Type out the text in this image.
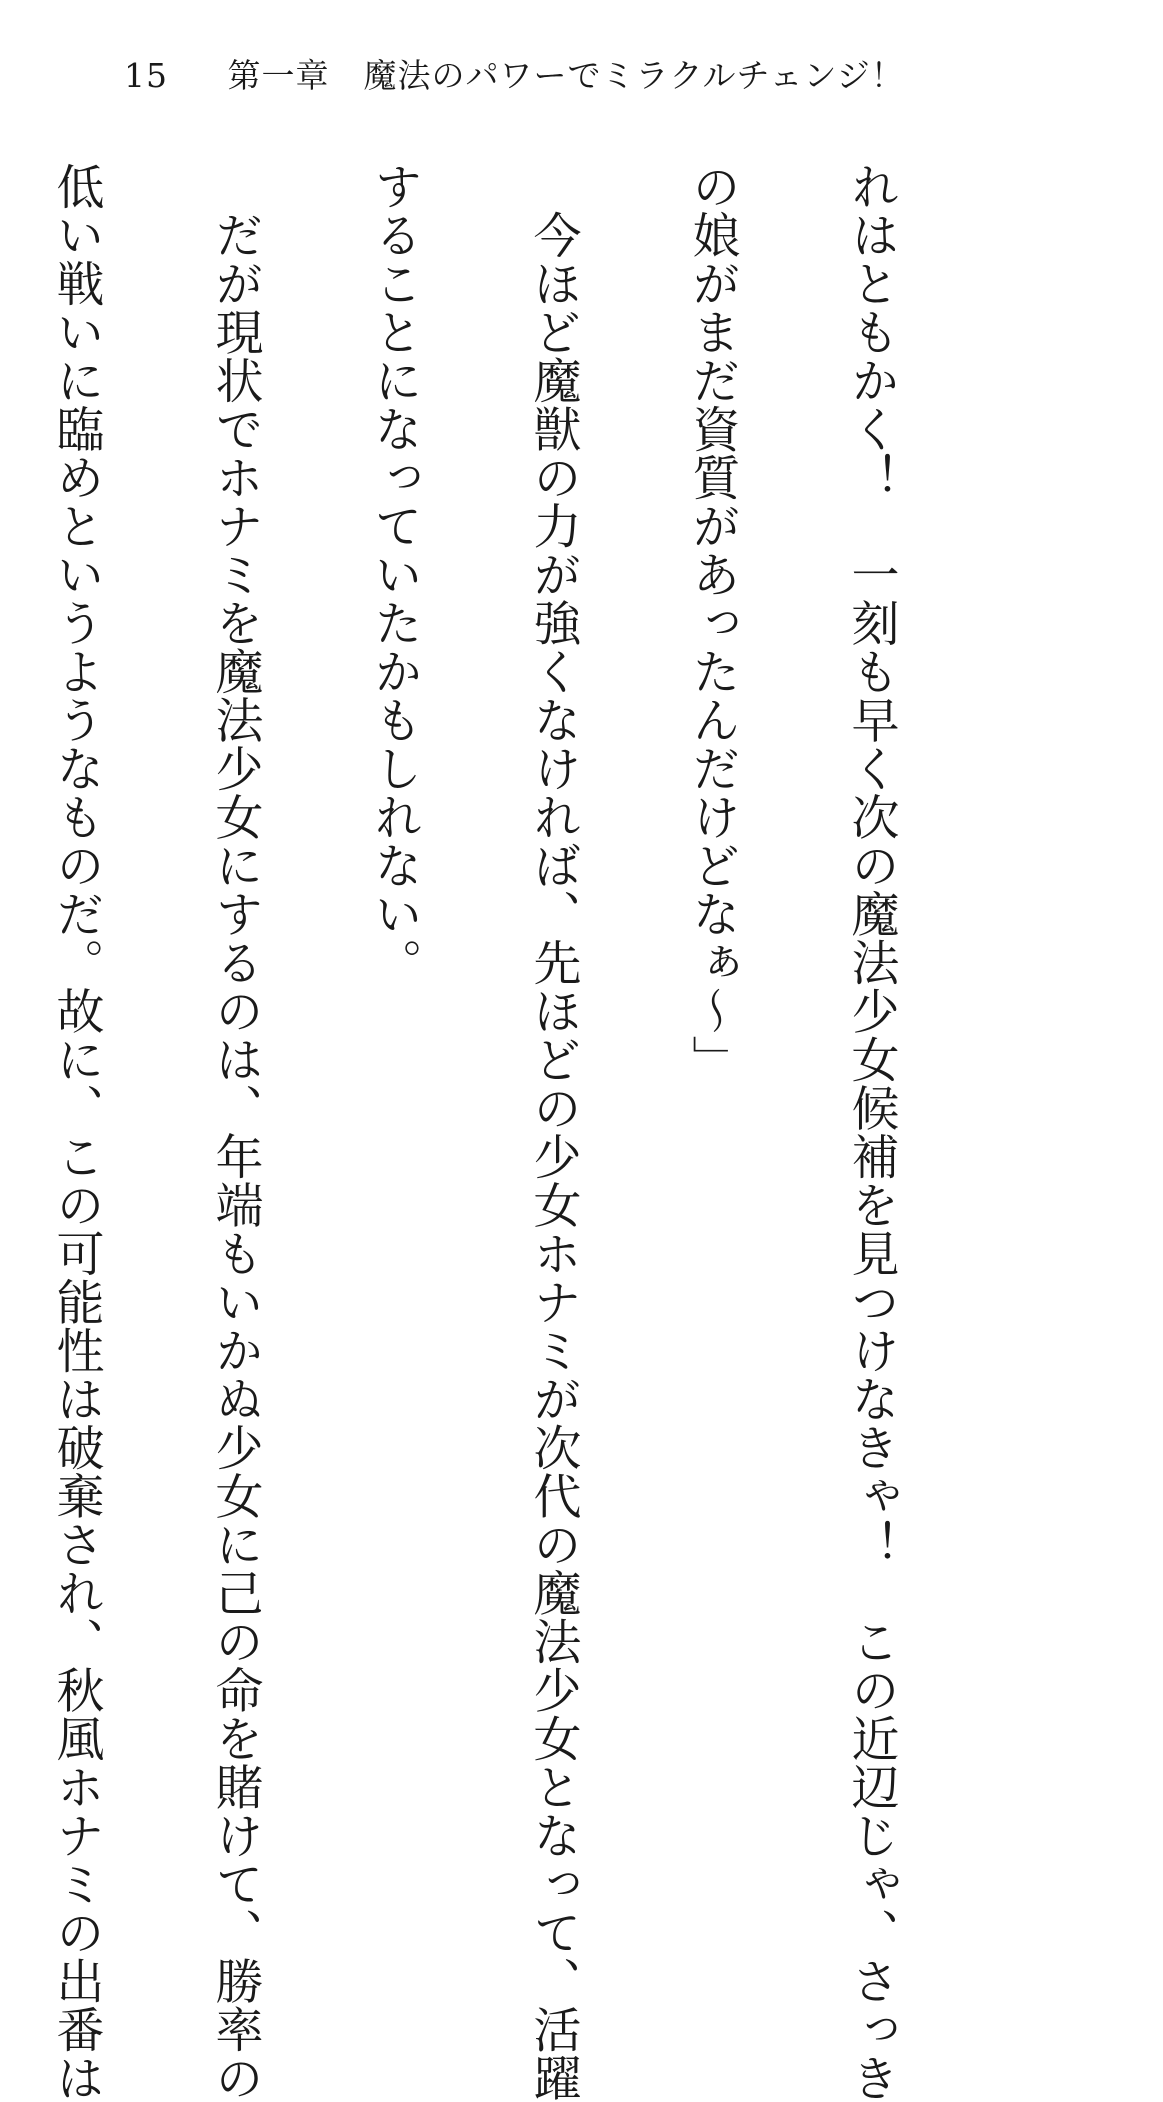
15 第一章　魔法のパワーでミラクルチェンジ！

れはともかく！　一刻も早く次の魔法少女候補を見つけなきゃ！　この近辺じゃ、さっき

の娘がまだ資質があったんだけどなぁ～」

　今ほど魔獣の力が強くなければ、先ほどの少女ホナミが次代の魔法少女となって、活躍

することになっていたかもしれない。

　だが現状でホナミを魔法少女にするのは、年端もいかぬ少女に己の命を賭けて、勝率の

低い戦いに臨めというようなものだ。故に、この可能性は破棄され、秋風ホナミの出番は
